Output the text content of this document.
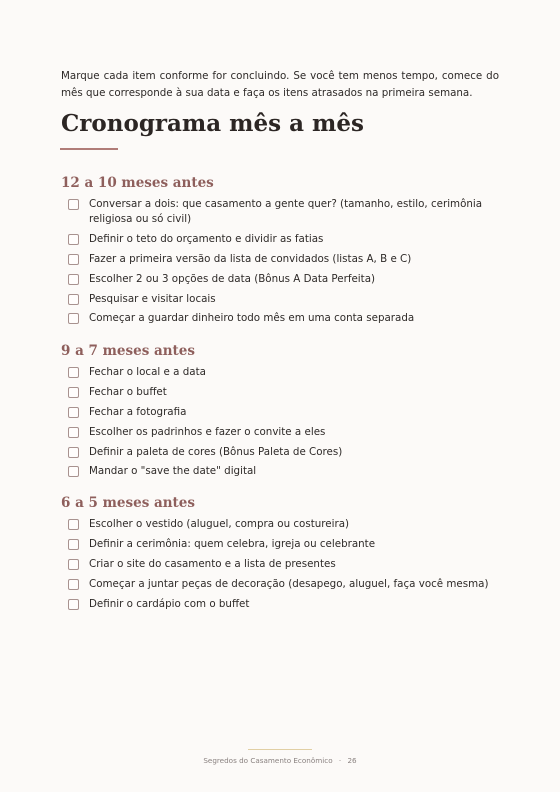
Marque cada item conforme for concluindo. Se você tem menos tempo, comece do mês que corresponde à sua data e faça os itens atrasados na primeira semana.

Cronograma mês a mês
12 a 10 meses antes
Conversar a dois: que casamento a gente quer? (tamanho, estilo, cerimônia religiosa ou só civil)
Definir o teto do orçamento e dividir as fatias
Fazer a primeira versão da lista de convidados (listas A, B e C)
Escolher 2 ou 3 opções de data (Bônus A Data Perfeita)
Pesquisar e visitar locais
Começar a guardar dinheiro todo mês em uma conta separada
9 a 7 meses antes
Fechar o local e a data
Fechar o buffet
Fechar a fotografia
Escolher os padrinhos e fazer o convite a eles
Definir a paleta de cores (Bônus Paleta de Cores)
Mandar o "save the date" digital
6 a 5 meses antes
Escolher o vestido (aluguel, compra ou costureira)
Definir a cerimônia: quem celebra, igreja ou celebrante
Criar o site do casamento e a lista de presentes
Começar a juntar peças de decoração (desapego, aluguel, faça você mesma)
Definir o cardápio com o buffet
Segredos do Casamento Econômico · 26
